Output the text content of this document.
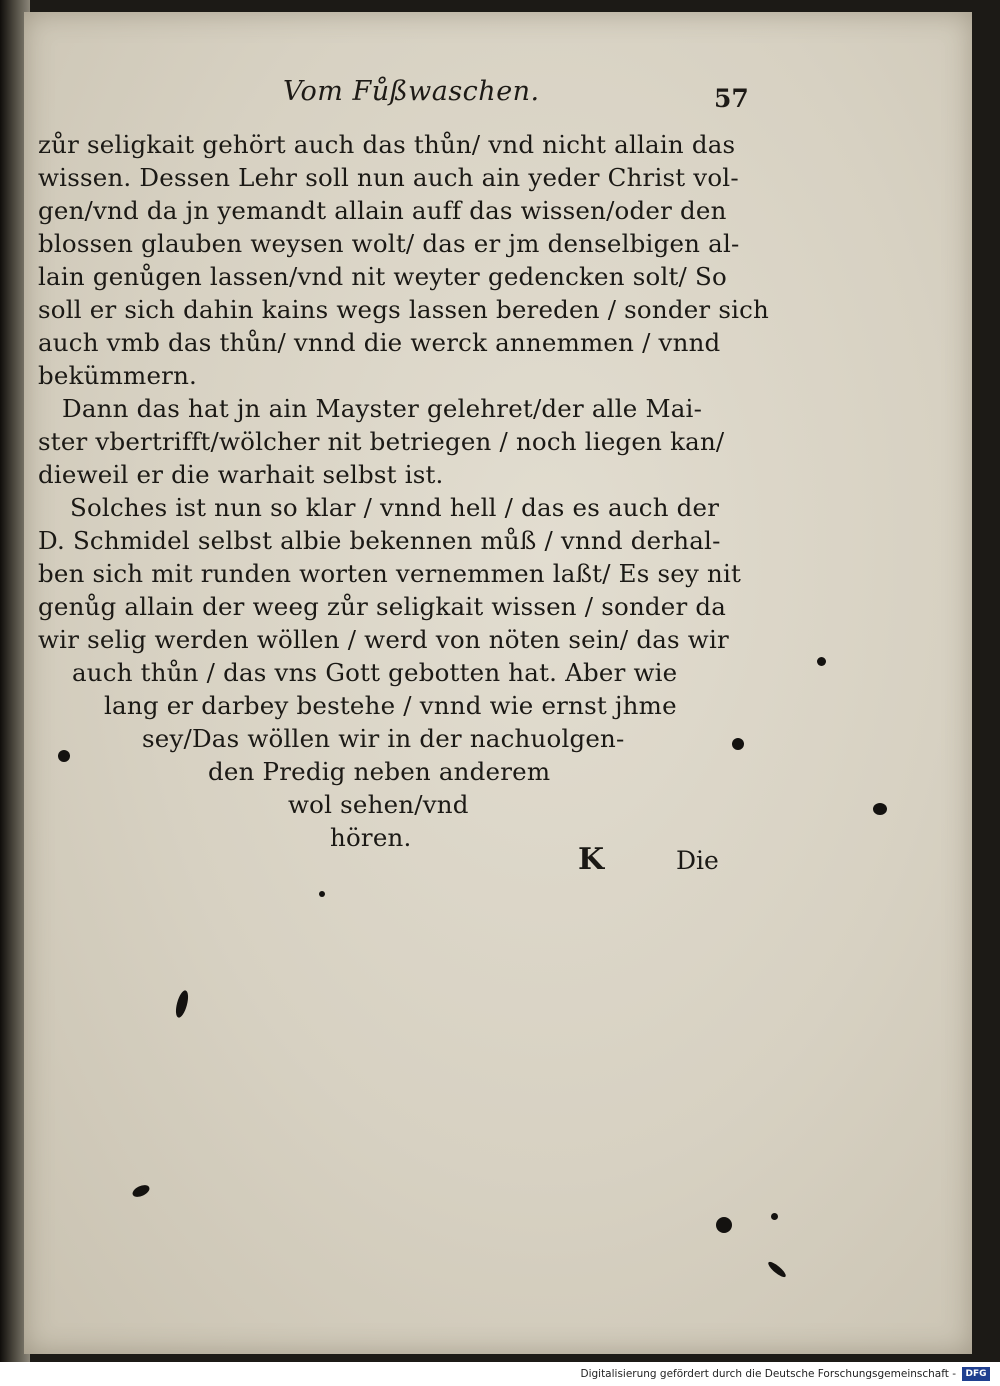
Vom Fůßwaschen.	57
zůr seligkait gehört auch das thůn/ vnd nicht allain das
wissen. Dessen Lehr soll nun auch ain yeder Christ vol-
gen/vnd da jn yemandt allain auff das wissen/oder den
blossen glauben weysen wolt/ das er jm denselbigen al-
lain genůgen lassen/vnd nit weyter gedencken solt/ So
soll er sich dahin kains wegs lassen bereden / sonder sich
auch vmb das thůn/ vnnd die werck annemmen / vnnd
bekümmern.
Dann das hat jn ain Mayster gelehret/der alle Mai-
ster vbertrifft/wölcher nit betriegen / noch liegen kan/
dieweil er die warhait selbst ist.
Solches ist nun so klar / vnnd hell / das es auch der
D. Schmidel selbst albie bekennen můß / vnnd derhal-
ben sich mit runden worten vernemmen laßt/ Es sey nit
genůg allain der weeg zůr seligkait wissen / sonder da
wir selig werden wöllen / werd von nöten sein/ das wir
auch thůn / das vns Gott gebotten hat. Aber wie
lang er darbey bestehe / vnnd wie ernst jhme
sey/Das wöllen wir in der nachuolgen-
den Predig neben anderem
wol sehen/vnd
hören.
K	Die
Digitalisierung gefördert durch die Deutsche Forschungsgemeinschaft -	DFG
